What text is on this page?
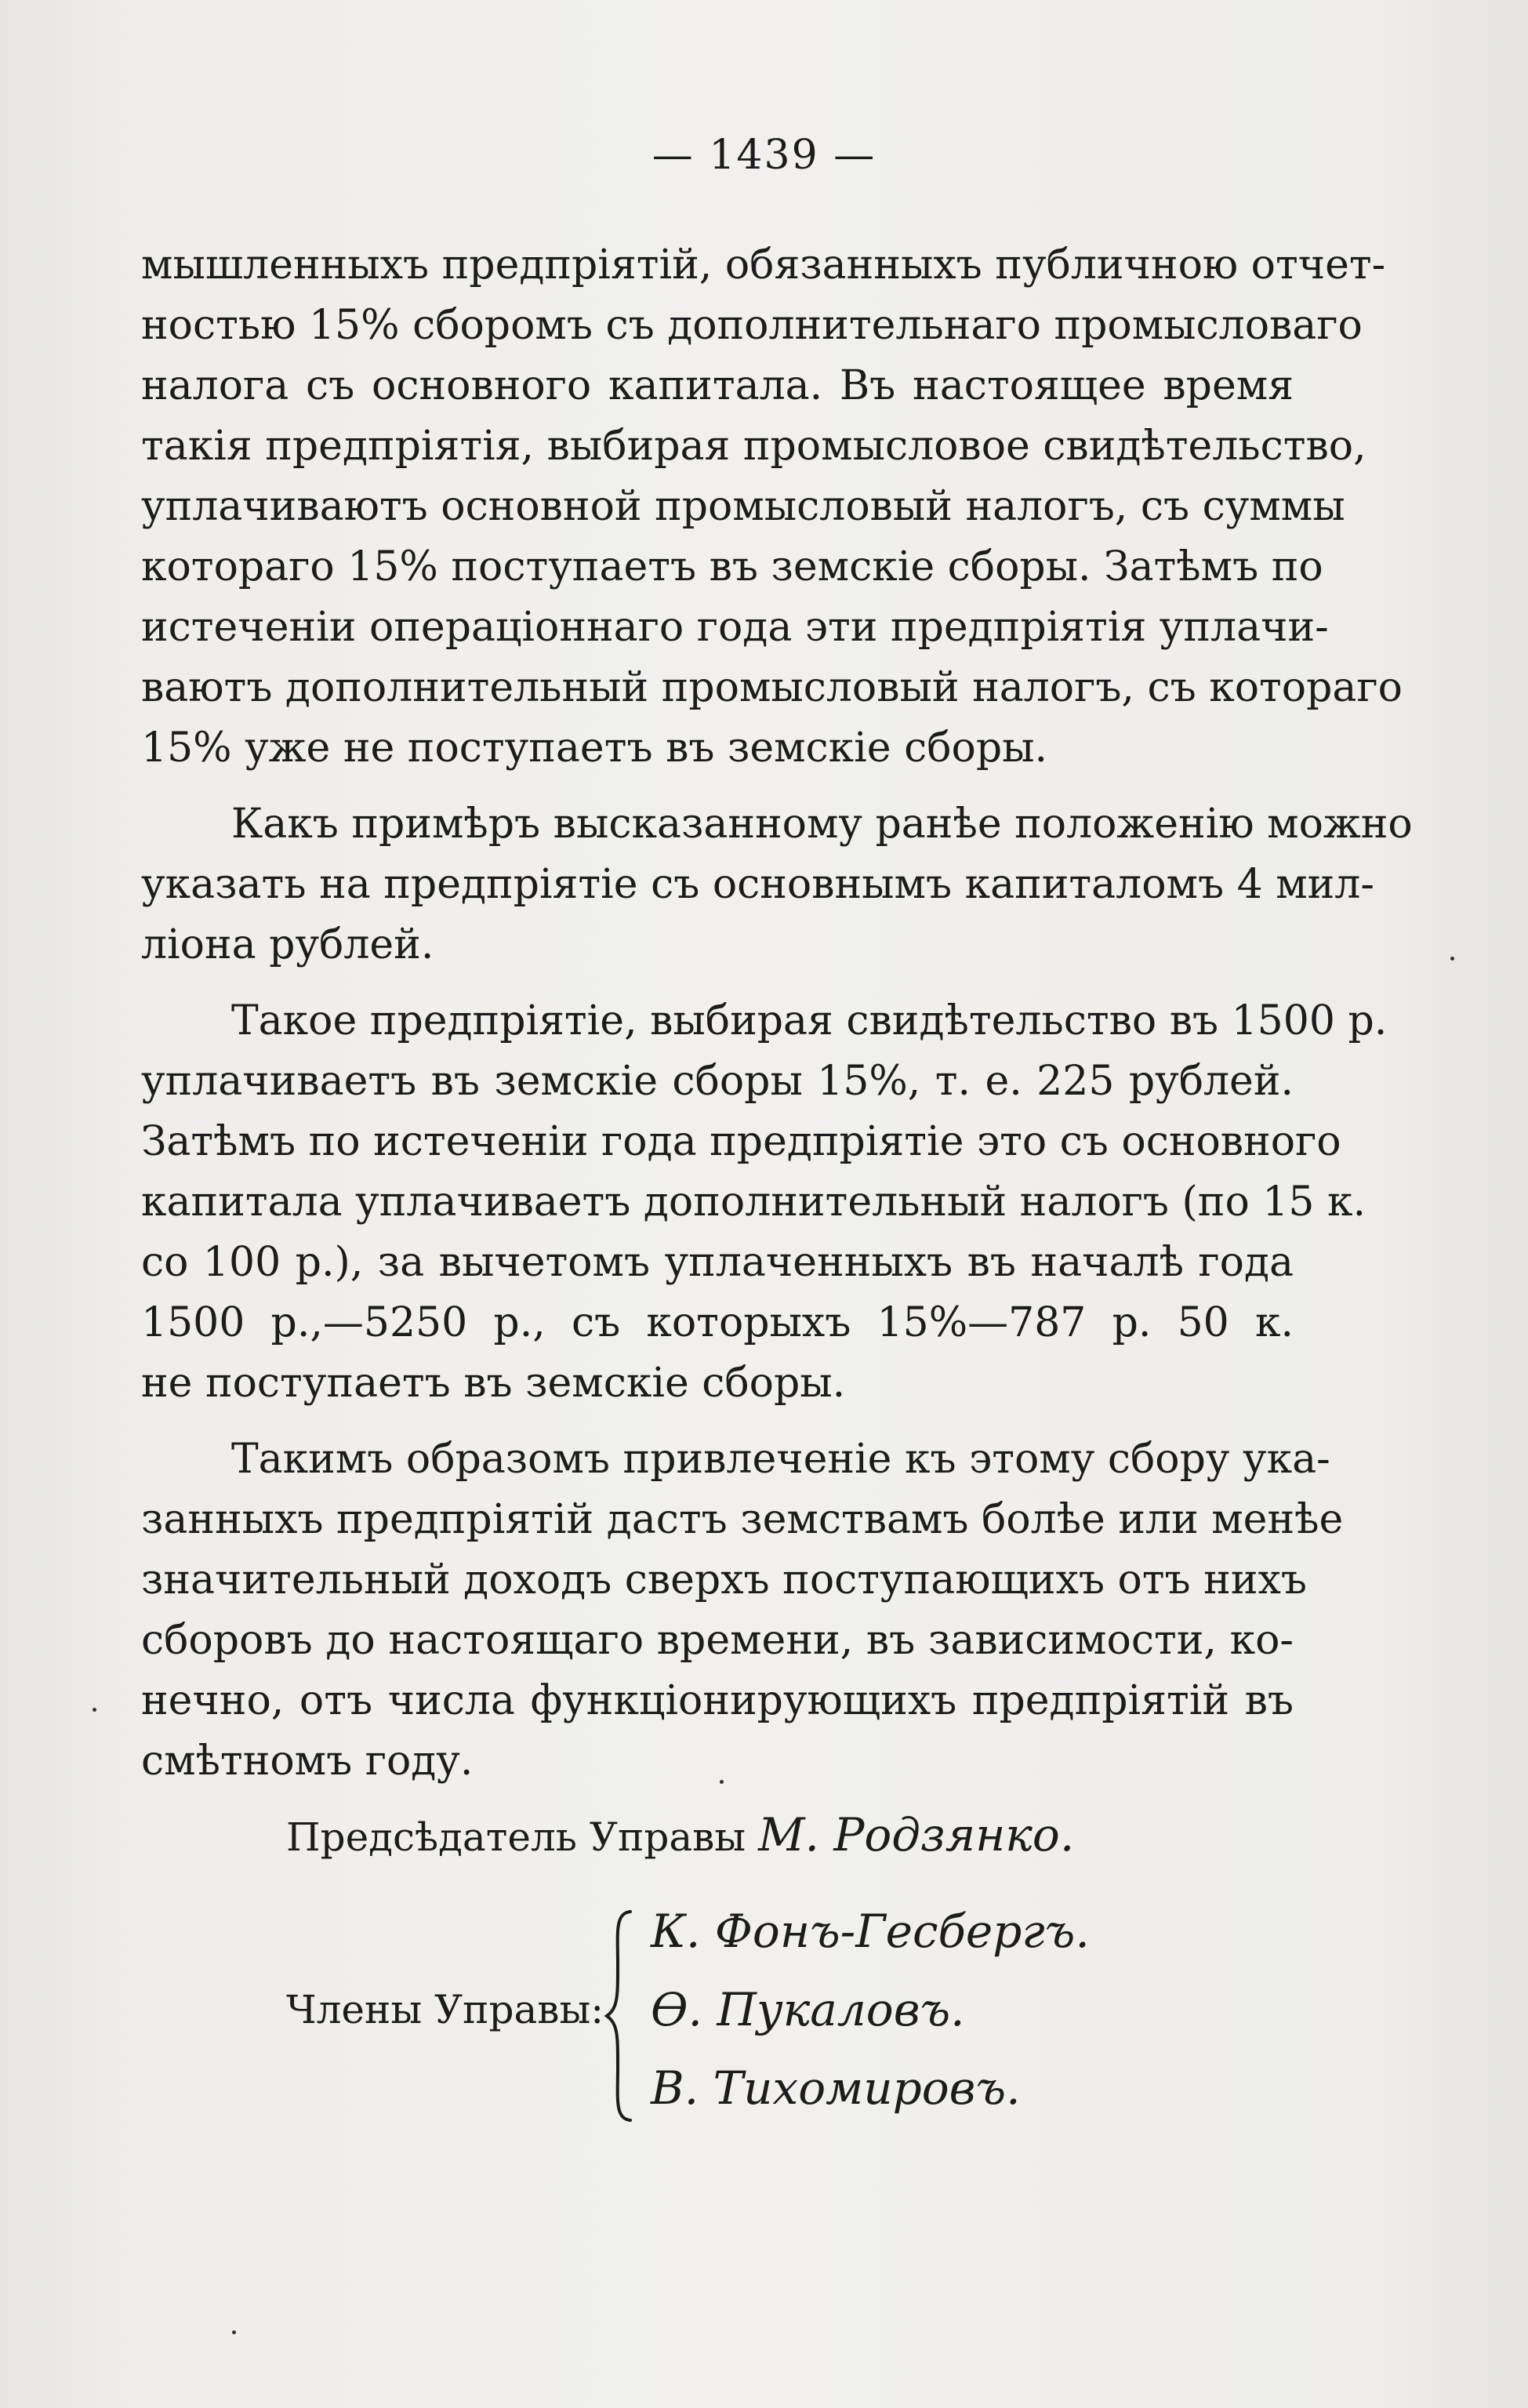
— 1439 —

мышленныхъ предпріятій, обязанныхъ публичною отчет-
ностью 15% сборомъ съ дополнительнаго промысловаго
налога съ основного капитала. Въ настоящее время
такія предпріятія, выбирая промысловое свидѣтельство,
уплачиваютъ основной промысловый налогъ, съ суммы
котораго 15% поступаетъ въ земскіе сборы. Затѣмъ по
истеченіи операціоннаго года эти предпріятія уплачи-
ваютъ дополнительный промысловый налогъ, съ котораго
15% уже не поступаетъ въ земскіе сборы.

Какъ примѣръ высказанному ранѣе положенію можно
указать на предпріятіе съ основнымъ капиталомъ 4 мил-
ліона рублей.

Такое предпріятіе, выбирая свидѣтельство въ 1500 р.
уплачиваетъ въ земскіе сборы 15%, т. е. 225 рублей.
Затѣмъ по истеченіи года предпріятіе это съ основного
капитала уплачиваетъ дополнительный налогъ (по 15 к.
со 100 р.), за вычетомъ уплаченныхъ въ началѣ года
1500 р.,—5250 р., съ которыхъ 15%—787 р. 50 к.
не поступаетъ въ земскіе сборы.

Такимъ образомъ привлеченіе къ этому сбору ука-
занныхъ предпріятій дастъ земствамъ болѣе или менѣе
значительный доходъ сверхъ поступающихъ отъ нихъ
сборовъ до настоящаго времени, въ зависимости, ко-
нечно, отъ числа функціонирующихъ предпріятій въ
смѣтномъ году.

Предсѣдатель Управы М. Родзянко.
Члены Управы:
К. Фонъ-Гесбергъ.
Ѳ. Пукаловъ.
В. Тихомировъ.
